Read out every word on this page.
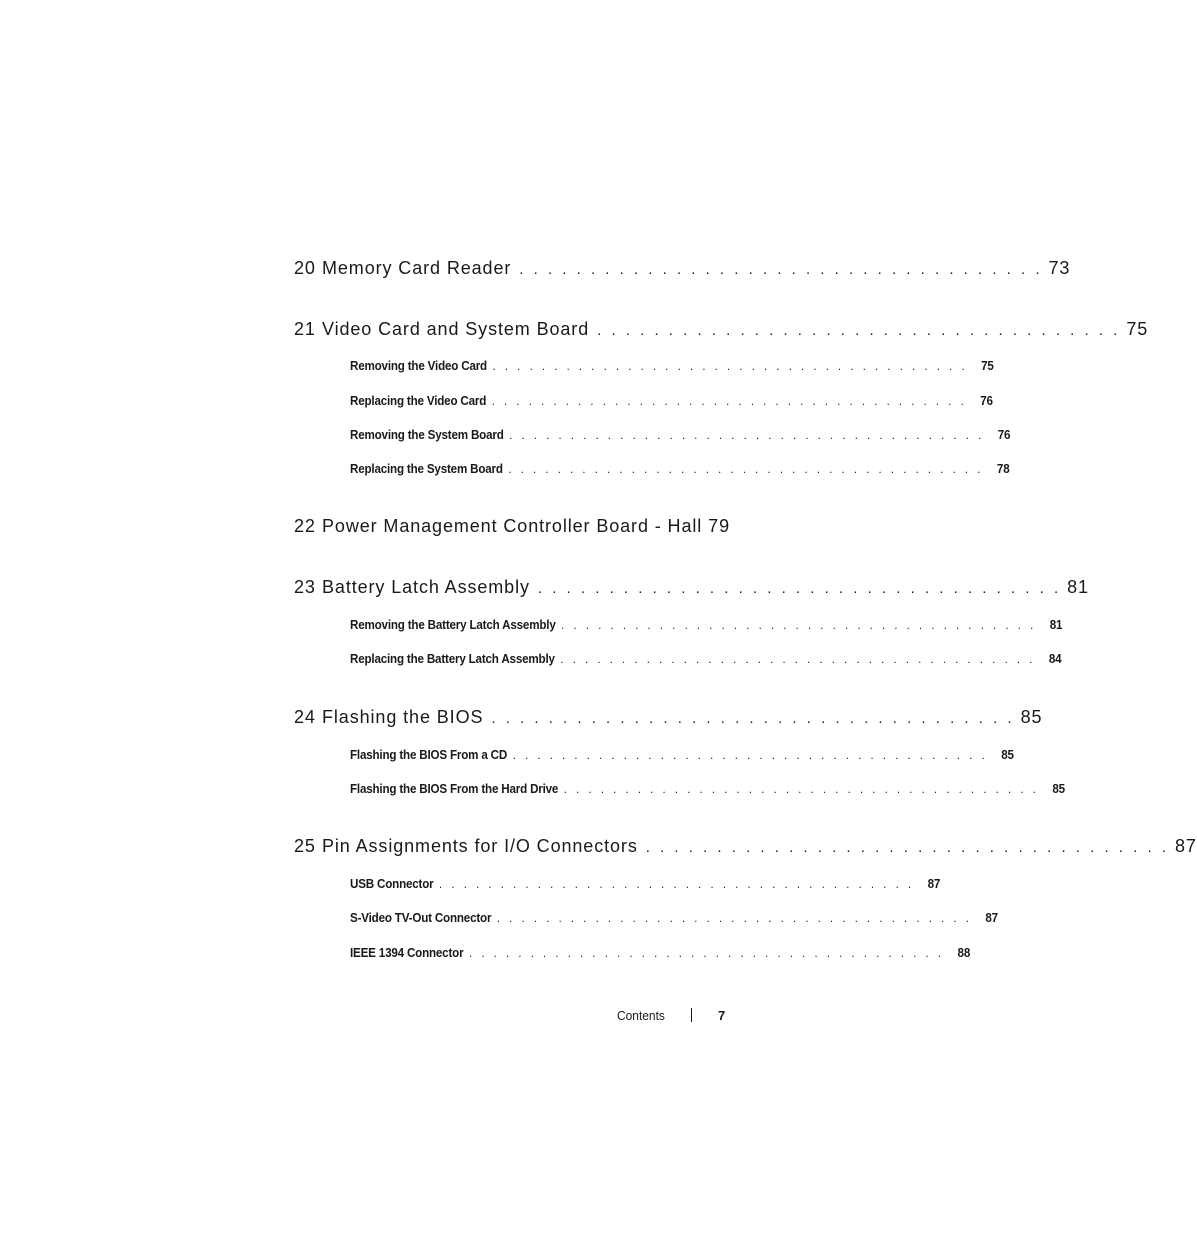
20 Memory Card Reader . . . . . . . . . . . . . . . . . . . . . . . . . . . . . . . . . . . . . 73
21 Video Card and System Board . . . . . . . . . . . . . . . . . . . . . . . . . . . . . . . . . . . . . 75
Removing the Video Card . . . . . . . . . . . . . . . . . . . . . . . . . . . . . . . . . . . . . . . 75
Replacing the Video Card . . . . . . . . . . . . . . . . . . . . . . . . . . . . . . . . . . . . . . . 76
Removing the System Board . . . . . . . . . . . . . . . . . . . . . . . . . . . . . . . . . . . . . . . 76
Replacing the System Board . . . . . . . . . . . . . . . . . . . . . . . . . . . . . . . . . . . . . . . 78
22 Power Management Controller Board - Hall 79
23 Battery Latch Assembly . . . . . . . . . . . . . . . . . . . . . . . . . . . . . . . . . . . . . 81
Removing the Battery Latch Assembly . . . . . . . . . . . . . . . . . . . . . . . . . . . . . . . . . . . . . . . 81
Replacing the Battery Latch Assembly . . . . . . . . . . . . . . . . . . . . . . . . . . . . . . . . . . . . . . . 84
24 Flashing the BIOS . . . . . . . . . . . . . . . . . . . . . . . . . . . . . . . . . . . . . 85
Flashing the BIOS From a CD . . . . . . . . . . . . . . . . . . . . . . . . . . . . . . . . . . . . . . . 85
Flashing the BIOS From the Hard Drive . . . . . . . . . . . . . . . . . . . . . . . . . . . . . . . . . . . . . . . 85
25 Pin Assignments for I/O Connectors . . . . . . . . . . . . . . . . . . . . . . . . . . . . . . . . . . . . . 87
USB Connector . . . . . . . . . . . . . . . . . . . . . . . . . . . . . . . . . . . . . . . 87
S-Video TV-Out Connector . . . . . . . . . . . . . . . . . . . . . . . . . . . . . . . . . . . . . . . 87
IEEE 1394 Connector . . . . . . . . . . . . . . . . . . . . . . . . . . . . . . . . . . . . . . . 88
Contents	7
